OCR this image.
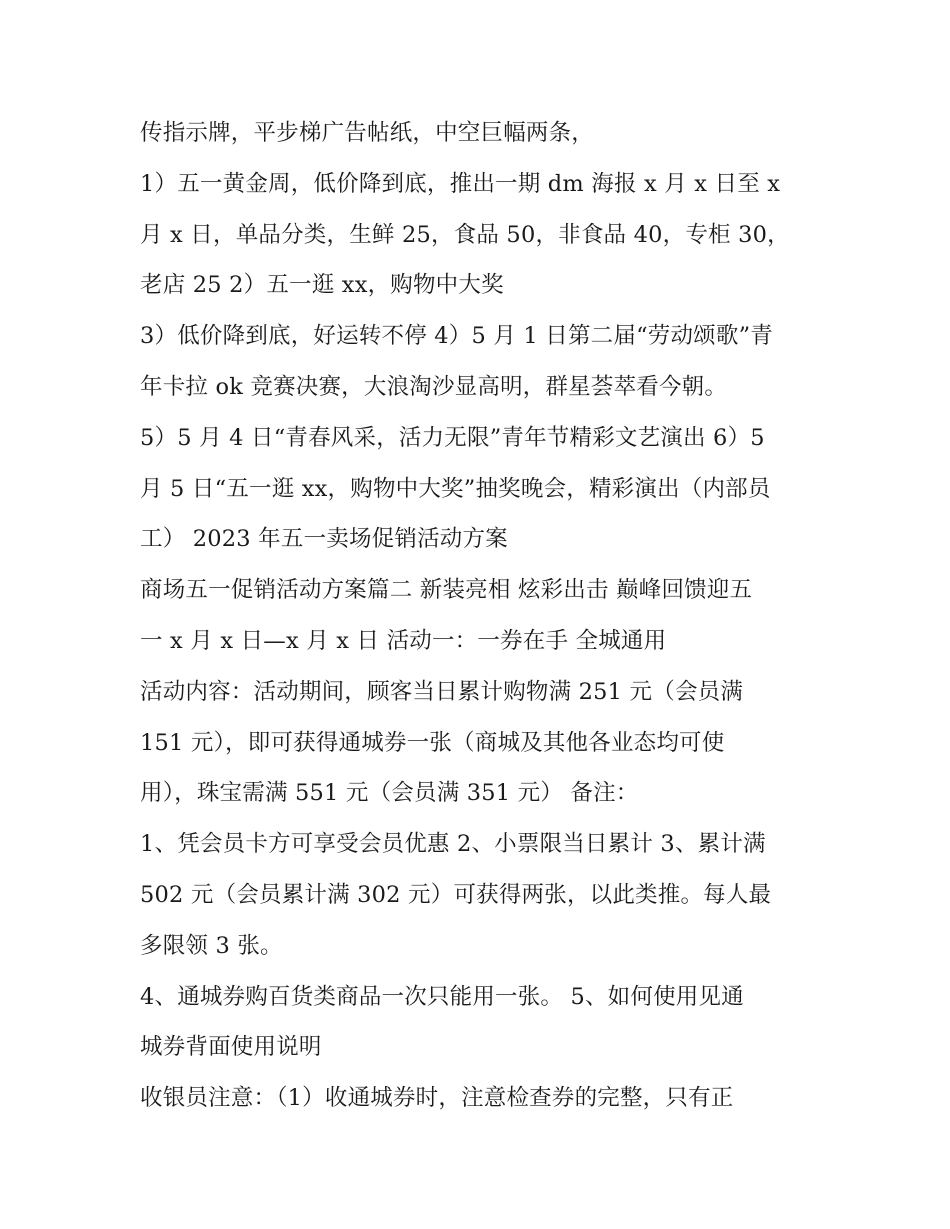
传指示牌，平步梯广告帖纸，中空巨幅两条，
1）五一黄金周，低价降到底，推出一期 dm 海报 x 月 x 日至 x
月 x 日，单品分类，生鲜 25，食品 50，非食品 40，专柜 30，
老店 25 2）五一逛 xx，购物中大奖
3）低价降到底，好运转不停 4）5 月 1 日第二届“劳动颂歌”青
年卡拉 ok 竞赛决赛，大浪淘沙显高明，群星荟萃看今朝。
5）5 月 4 日“青春风采，活力无限”青年节精彩文艺演出 6）5
月 5 日“五一逛 xx，购物中大奖”抽奖晚会，精彩演出（内部员
工） 2023 年五一卖场促销活动方案
商场五一促销活动方案篇二 新装亮相 炫彩出击 巅峰回馈迎五
一 x 月 x 日—x 月 x 日 活动一：一券在手 全城通用
活动内容：活动期间，顾客当日累计购物满 251 元（会员满
151 元），即可获得通城券一张（商城及其他各业态均可使
用），珠宝需满 551 元（会员满 351 元） 备注：
1、凭会员卡方可享受会员优惠 2、小票限当日累计 3、累计满
502 元（会员累计满 302 元）可获得两张，以此类推。每人最
多限领 3 张。
4、通城券购百货类商品一次只能用一张。 5、如何使用见通
城券背面使用说明
收银员注意：（1）收通城券时，注意检查券的完整，只有正
